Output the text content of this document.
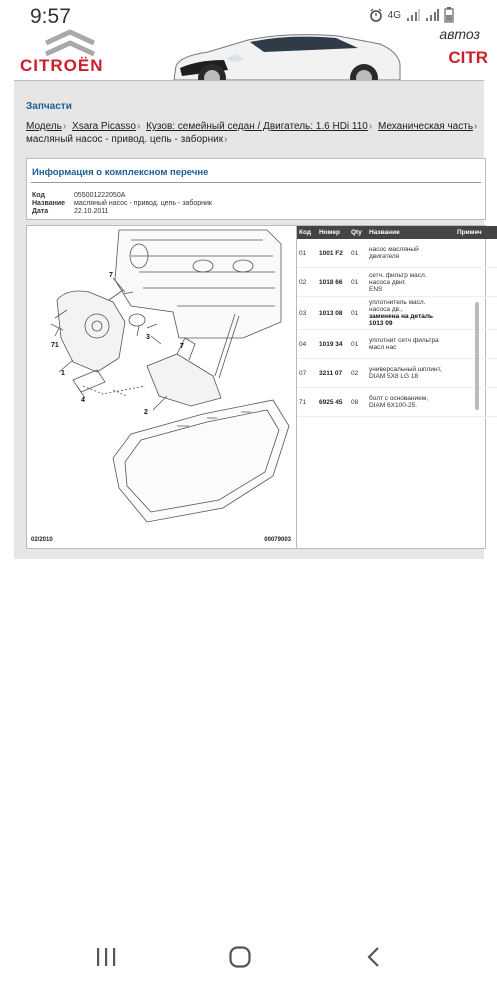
9:57	4G
CITROËN
автоз
CITR
Запчасти
Модель› Xsara Picasso› Кузов: семейный седан / Двигатель: 1.6 HDi 110› Механическая часть›
масляный насос - привод. цепь - заборник›
Информация о комплексном перечне
Код	055001222050A
Название масляный насос - привод. цепь - заборник
Дата	22.10.2011
7
3
71
1
4
2
7
02/2010	00079003
Код	Номер	Qty	Название	Примеч
01	1001 F2	01	насос масляный
двигателя	
02	1018 66	01	сетч. фильтр масл.
насоса двиг.
ENS	
03	1013 08	01	уплотнитель масл.
насоса дв.,
заменена на деталь
1013 09	
04	1019 34	01	уплотнит сетч фильтра
масл нас	
07	3211 07	02	универсальный шплинт,
DIAM 5X8 LG 18	
71	6925 45	08	болт с основанием,
DIAM 6X100-25.	
